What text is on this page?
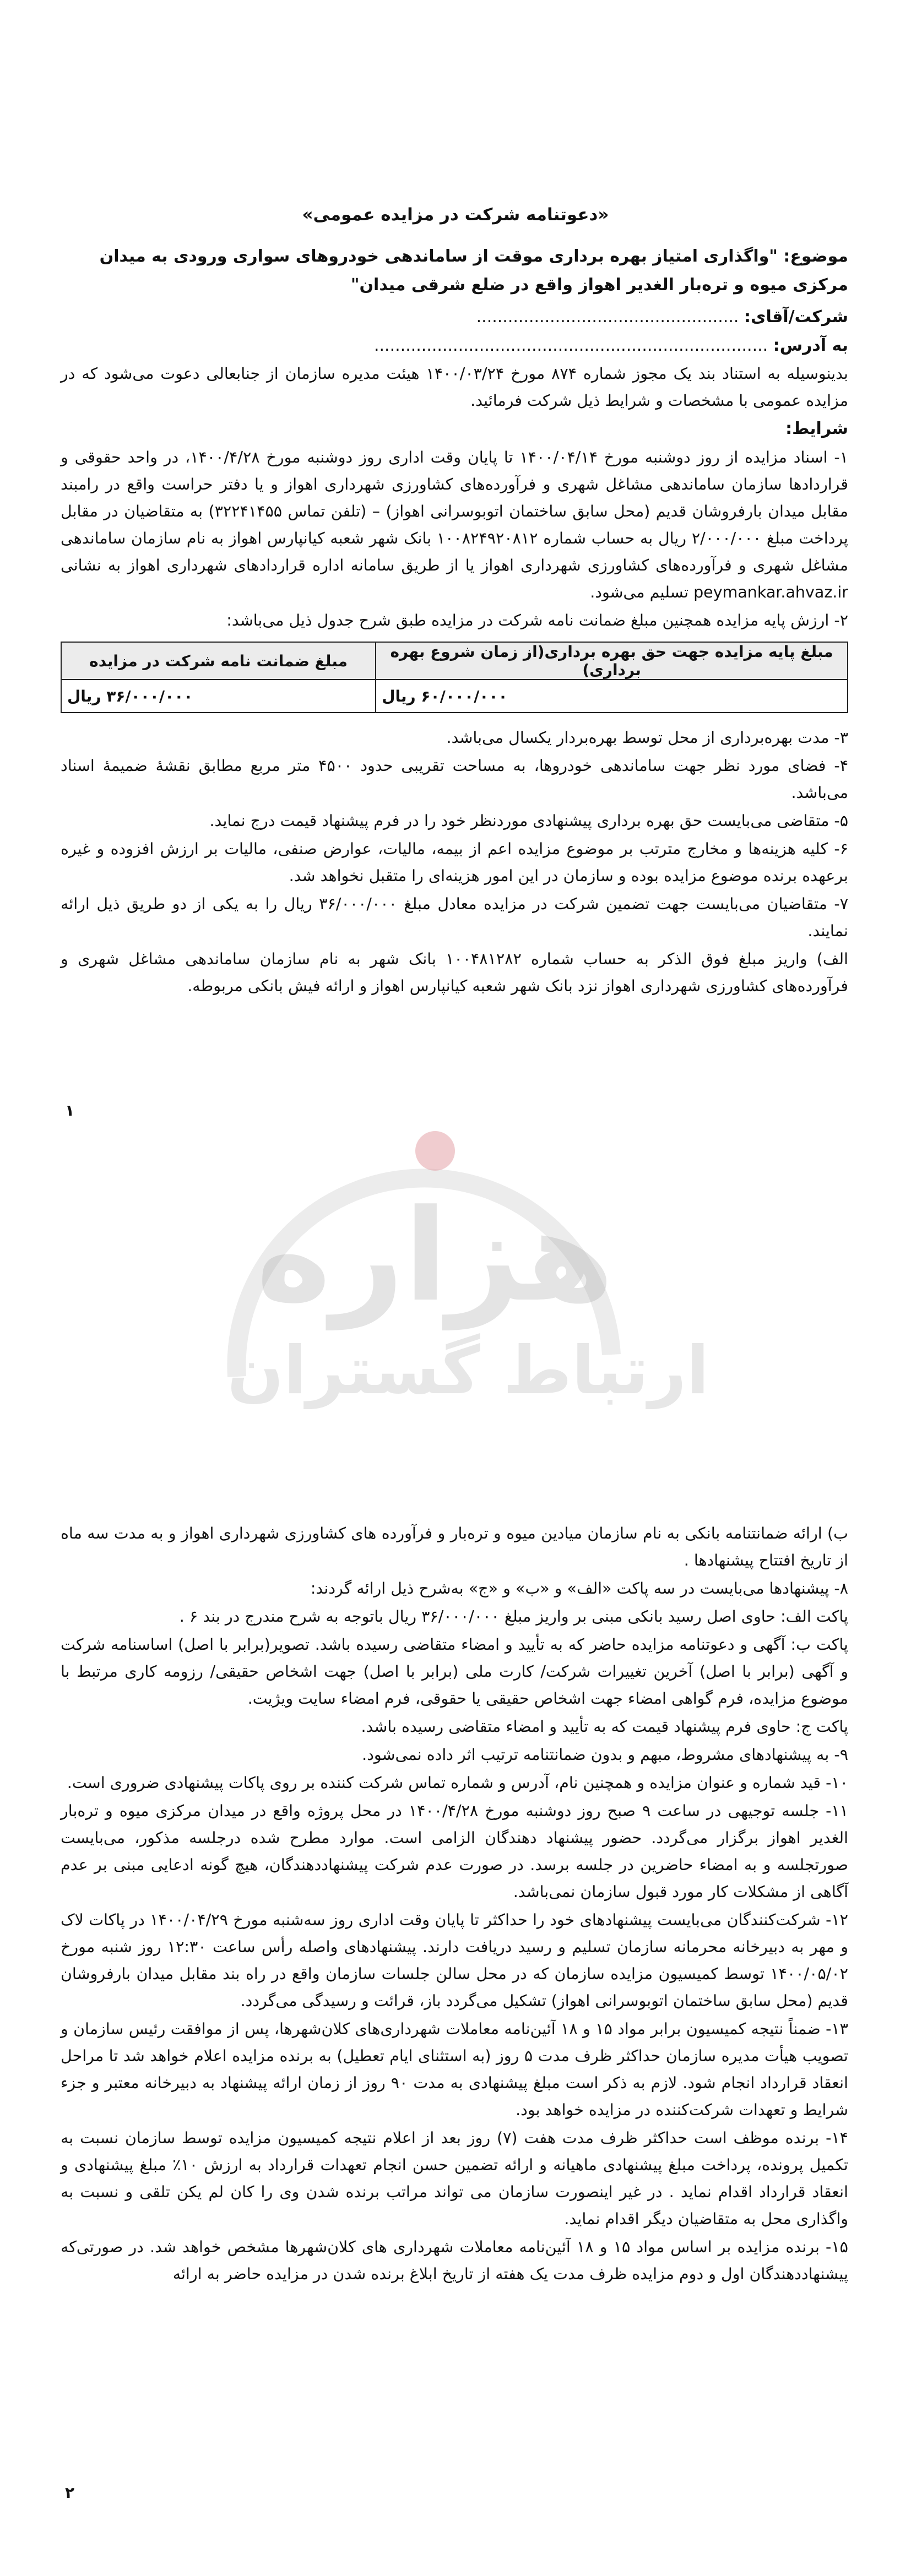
«دعوتنامه شرکت در مزایده عمومی»

موضوع: "واگذاری امتیاز بهره برداری موقت از ساماندهی خودروهای سواری ورودی به میدان مرکزی میوه و تره‌بار الغدیر اهواز واقع در ضلع شرقی میدان"

شرکت/آقای: ..................................................

به آدرس: ...........................................................................

بدینوسیله به استناد بند یک مجوز شماره ۸۷۴ مورخ ۱۴۰۰/۰۳/۲۴ هیئت مدیره سازمان از جنابعالی دعوت می‌شود که در مزایده عمومی با مشخصات و شرایط ذیل شرکت فرمائید.

شرایط:

۱- اسناد مزایده از روز دوشنبه مورخ ۱۴۰۰/۰۴/۱۴ تا پایان وقت اداری روز دوشنبه مورخ ۱۴۰۰/۴/۲۸، در واحد حقوقی و قراردادها سازمان ساماندهی مشاغل شهری و فرآورده‌های کشاورزی شهرداری اهواز و یا دفتر حراست واقع در رامبند مقابل میدان بارفروشان قدیم (محل سابق ساختمان اتوبوسرانی اهواز) – (تلفن تماس ۳۲۲۴۱۴۵۵) به متقاضیان در مقابل پرداخت مبلغ ۲/۰۰۰/۰۰۰ ریال به حساب شماره ۱۰۰۸۲۴۹۲۰۸۱۲ بانک شهر شعبه کیانپارس اهواز به نام سازمان ساماندهی مشاغل شهری و فرآورده‌های کشاورزی شهرداری اهواز یا از طریق سامانه اداره قراردادهای شهرداری اهواز به نشانی peymankar.ahvaz.ir تسلیم می‌شود.

۲- ارزش پایه مزایده همچنین مبلغ ضمانت نامه شرکت در مزایده طبق شرح جدول ذیل می‌باشد:

مبلغ پایه مزایده جهت حق بهره برداری(از زمان شروع بهره برداری)	مبلغ ضمانت نامه شرکت در مزایده
۶۰/۰۰۰/۰۰۰ ریال	۳۶/۰۰۰/۰۰۰ ریال

۳- مدت بهره‌برداری از محل توسط بهره‌بردار یکسال می‌باشد.

۴- فضای مورد نظر جهت ساماندهی خودروها، به مساحت تقریبی حدود ۴۵۰۰ متر مربع مطابق نقشهٔ ضمیمهٔ اسناد می‌باشد.

۵- متقاضی می‌بایست حق بهره برداری پیشنهادی موردنظر خود را در فرم پیشنهاد قیمت درج نماید.

۶- کلیه هزینه‌ها و مخارج مترتب بر موضوع مزایده اعم از بیمه، مالیات، عوارض صنفی، مالیات بر ارزش افزوده و غیره برعهده برنده موضوع مزایده بوده و سازمان در این امور هزینه‌ای را متقبل نخواهد شد.

۷- متقاضیان می‌بایست جهت تضمین شرکت در مزایده معادل مبلغ ۳۶/۰۰۰/۰۰۰ ریال را به یکی از دو طریق ذیل ارائه نمایند.

الف) واریز مبلغ فوق الذکر به حساب شماره ۱۰۰۴۸۱۲۸۲ بانک شهر به نام سازمان ساماندهی مشاغل شهری و فرآورده‌های کشاورزی شهرداری اهواز نزد بانک شهر شعبه کیانپارس اهواز و ارائه فیش بانکی مربوطه.

۱
هزاره
ارتباط گستران

ب) ارائه ضمانتنامه بانکی به نام سازمان میادین میوه و تره‌بار و فرآورده های کشاورزی شهرداری اهواز و به مدت سه ماه از تاریخ افتتاح پیشنهادها .

۸- پیشنهادها می‌بایست در سه پاکت «الف» و «ب» و «ج» به‌شرح ذیل ارائه گردند:

پاکت الف: حاوی اصل رسید بانکی مبنی بر واریز مبلغ ۳۶/۰۰۰/۰۰۰ ریال باتوجه به شرح مندرج در بند ۶ .

پاکت ب: آگهی و دعوتنامه مزایده حاضر که به تأیید و امضاء متقاضی رسیده باشد. تصویر(برابر با اصل) اساسنامه شرکت و آگهی (برابر با اصل) آخرین تغییرات شرکت/ کارت ملی (برابر با اصل) جهت اشخاص حقیقی/ رزومه کاری مرتبط با موضوع مزایده، فرم گواهی امضاء جهت اشخاص حقیقی یا حقوقی، فرم امضاء سایت ویژیت.

پاکت ج: حاوی فرم پیشنهاد قیمت که به تأیید و امضاء متقاضی رسیده باشد.

۹- به پیشنهادهای مشروط، مبهم و بدون ضمانتنامه ترتیب اثر داده نمی‌شود.

۱۰- قید شماره و عنوان مزایده و همچنین نام، آدرس و شماره تماس شرکت کننده بر روی پاکات پیشنهادی ضروری است.

۱۱- جلسه توجیهی در ساعت ۹ صبح روز دوشنبه مورخ ۱۴۰۰/۴/۲۸ در محل پروژه واقع در میدان مرکزی میوه و تره‌بار الغدیر اهواز برگزار می‌گردد. حضور پیشنهاد دهندگان الزامی است. موارد مطرح شده درجلسه مذکور، می‌بایست صورتجلسه و به امضاء حاضرین در جلسه برسد. در صورت عدم شرکت پیشنهاددهندگان، هیچ گونه ادعایی مبنی بر عدم آگاهی از مشکلات کار مورد قبول سازمان نمی‌باشد.

۱۲- شرکت‌کنندگان می‌بایست پیشنهادهای خود را حداکثر تا پایان وقت اداری روز سه‌شنبه مورخ ۱۴۰۰/۰۴/۲۹ در پاکات لاک و مهر به دبیرخانه محرمانه سازمان تسلیم و رسید دریافت دارند. پیشنهادهای واصله رأس ساعت ۱۲:۳۰ روز شنبه مورخ ۱۴۰۰/۰۵/۰۲ توسط کمیسیون مزایده سازمان که در محل سالن جلسات سازمان واقع در راه بند مقابل میدان بارفروشان قدیم (محل سابق ساختمان اتوبوسرانی اهواز) تشکیل می‌گردد باز، قرائت و رسیدگی می‌گردد.

۱۳- ضمناً نتیجه کمیسیون برابر مواد ۱۵ و ۱۸ آئین‌نامه معاملات شهرداری‌های کلان‌شهرها، پس از موافقت رئیس سازمان و تصویب هیأت مدیره سازمان حداکثر ظرف مدت ۵ روز (به استثنای ایام تعطیل) به برنده مزایده اعلام خواهد شد تا مراحل انعقاد قرارداد انجام شود. لازم به ذکر است مبلغ پیشنهادی به مدت ۹۰ روز از زمان ارائه پیشنهاد به دبیرخانه معتبر و جزء شرایط و تعهدات شرکت‌کننده در مزایده خواهد بود.

۱۴- برنده موظف است حداکثر ظرف مدت هفت (۷) روز بعد از اعلام نتیجه کمیسیون مزایده توسط سازمان نسبت به تکمیل پرونده، پرداخت مبلغ پیشنهادی ماهیانه و ارائه تضمین حسن انجام تعهدات قرارداد به ارزش ۱۰٪ مبلغ پیشنهادی و انعقاد قرارداد اقدام نماید . در غیر اینصورت سازمان می تواند مراتب برنده شدن وی را کان لم یکن تلقی و نسبت به واگذاری محل به متقاضیان دیگر اقدام نماید.

۱۵- برنده مزایده بر اساس مواد ۱۵ و ۱۸ آئین‌نامه معاملات شهرداری های کلان‌شهرها مشخص خواهد شد. در صورتی‌که پیشنهاددهندگان اول و دوم مزایده ظرف مدت یک هفته از تاریخ ابلاغ برنده شدن در مزایده حاضر به ارائه

۲
